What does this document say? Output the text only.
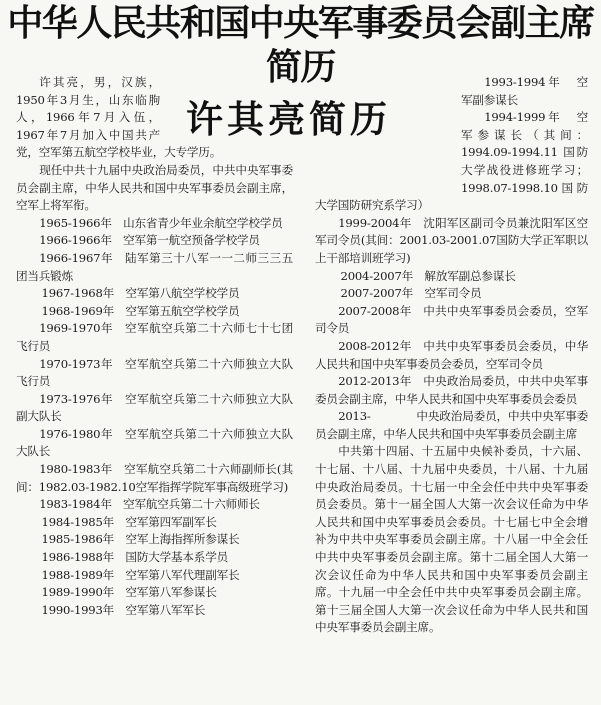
中华人民共和国中央军事委员会副主席简历
许其亮简历

许其亮，男，汉族，1950年3月生，山东临朐人，1966年7月入伍，1967年7月加入中国共产党，空军第五航空学校毕业，大专学历。

现任中共十九届中央政治局委员，中共中央军事委员会副主席，中华人民共和国中央军事委员会副主席，空军上将军衔。

1965-1966年　山东省青少年业余航空学校学员

1966-1966年　空军第一航空预备学校学员

1966-1967年　陆军第三十八军一一二师三三五团当兵锻炼

1967-1968年　空军第八航空学校学员

1968-1969年　空军第五航空学校学员

1969-1970年　空军航空兵第二十六师七十七团飞行员

1970-1973年　空军航空兵第二十六师独立大队飞行员

1973-1976年　空军航空兵第二十六师独立大队副大队长

1976-1980年　空军航空兵第二十六师独立大队大队长

1980-1983年　空军航空兵第二十六师副师长(其间：1982.03-1982.10空军指挥学院军事高级班学习)

1983-1984年　空军航空兵第二十六师师长

1984-1985年　空军第四军副军长

1985-1986年　空军上海指挥所参谋长

1986-1988年　国防大学基本系学员

1988-1989年　空军第八军代理副军长

1989-1990年　空军第八军参谋长

1990-1993年　空军第八军军长

1993-1994年　空军副参谋长

1994-1999年　空军参谋长（其间：1994.09-1994.11 国防大学战役进修班学习；1998.07-1998.10国防大学国防研究系学习）

1999-2004年　沈阳军区副司令员兼沈阳军区空军司令员(其间：2001.03-2001.07国防大学正军职以上干部培训班学习)

2004-2007年　解放军副总参谋长

2007-2007年　空军司令员

2007-2008年　中共中央军事委员会委员，空军司令员

2008-2012年　中共中央军事委员会委员，中华人民共和国中央军事委员会委员，空军司令员

2012-2013年　中央政治局委员，中共中央军事委员会副主席，中华人民共和国中央军事委员会委员

2013-　　　　中央政治局委员，中共中央军事委员会副主席，中华人民共和国中央军事委员会副主席

中共第十四届、十五届中央候补委员，十六届、十七届、十八届、十九届中央委员，十八届、十九届中央政治局委员。十七届一中全会任中共中央军事委员会委员。第十一届全国人大第一次会议任命为中华人民共和国中央军事委员会委员。十七届七中全会增补为中共中央军事委员会副主席。十八届一中全会任中共中央军事委员会副主席。第十二届全国人大第一次会议任命为中华人民共和国中央军事委员会副主席。十九届一中全会任中共中央军事委员会副主席。第十三届全国人大第一次会议任命为中华人民共和国中央军事委员会副主席。
